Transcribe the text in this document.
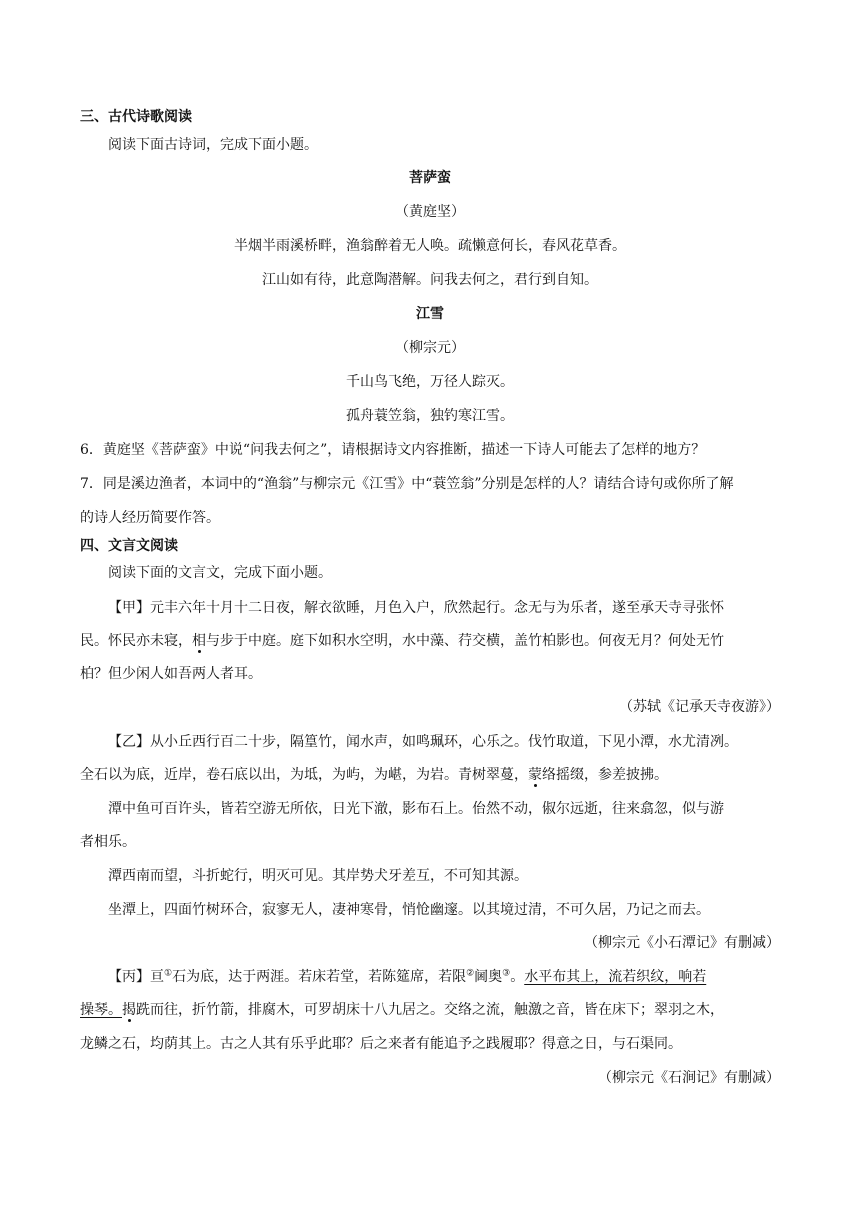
三、古代诗歌阅读
阅读下面古诗词，完成下面小题。
菩萨蛮
（黄庭坚）
半烟半雨溪桥畔，渔翁醉着无人唤。疏懒意何长，春风花草香。
江山如有待，此意陶潜解。问我去何之，君行到自知。
江雪
（柳宗元）
千山鸟飞绝，万径人踪灭。
孤舟蓑笠翁，独钓寒江雪。
6．黄庭坚《菩萨蛮》中说“问我去何之”，请根据诗文内容推断，描述一下诗人可能去了怎样的地方？
7．同是溪边渔者，本词中的“渔翁”与柳宗元《江雪》中“蓑笠翁”分别是怎样的人？请结合诗句或你所了解
的诗人经历简要作答。
四、文言文阅读
阅读下面的文言文，完成下面小题。
【甲】元丰六年十月十二日夜，解衣欲睡，月色入户，欣然起行。念无与为乐者，遂至承天寺寻张怀
民。怀民亦未寝，相与步于中庭。庭下如积水空明，水中藻、荇交横，盖竹柏影也。何夜无月？何处无竹
柏？但少闲人如吾两人者耳。
（苏轼《记承天寺夜游》）
【乙】从小丘西行百二十步，隔篁竹，闻水声，如鸣珮环，心乐之。伐竹取道，下见小潭，水尤清冽。
全石以为底，近岸，卷石底以出，为坻，为屿，为嵁，为岩。青树翠蔓，蒙络摇缀，参差披拂。
潭中鱼可百许头，皆若空游无所依，日光下澈，影布石上。佁然不动，俶尔远逝，往来翕忽，似与游
者相乐。
潭西南而望，斗折蛇行，明灭可见。其岸势犬牙差互，不可知其源。
坐潭上，四面竹树环合，寂寥无人，凄神寒骨，悄怆幽邃。以其境过清，不可久居，乃记之而去。
（柳宗元《小石潭记》有删减）
【丙】亘①石为底，达于两涯。若床若堂，若陈筵席，若限②阃奥③。水平布其上，流若织纹，响若
操琴。揭跣而往，折竹箭，排腐木，可罗胡床十八九居之。交络之流，触激之音，皆在床下；翠羽之木，
龙鳞之石，均荫其上。古之人其有乐乎此耶？后之来者有能追予之践履耶？得意之日，与石渠同。
（柳宗元《石涧记》有删减）
